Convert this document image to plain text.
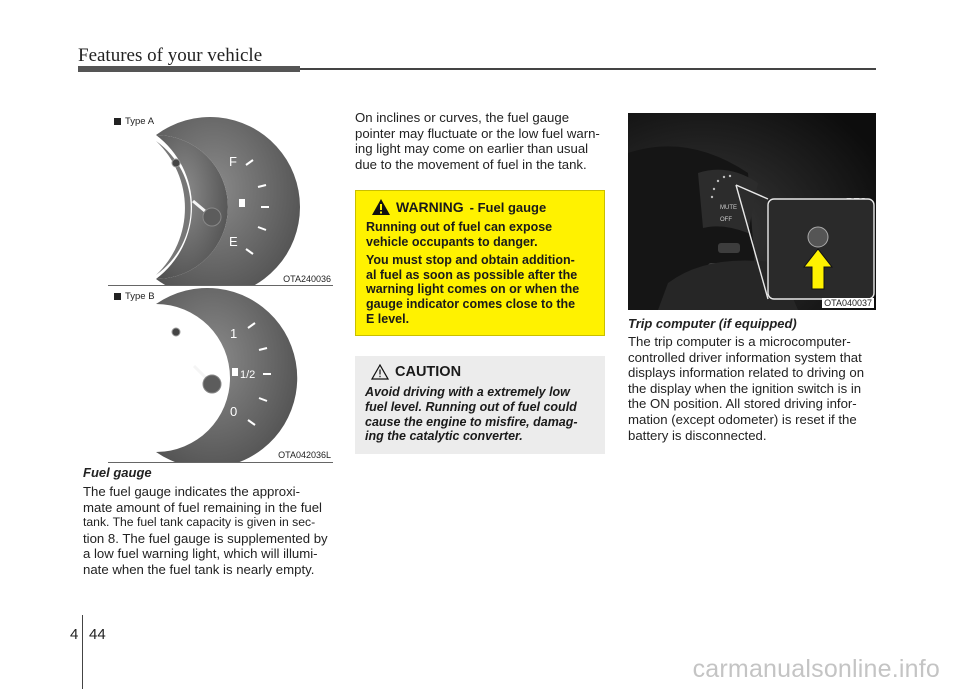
Features of your vehicle
Type A
F
E
OTA240036
Type B
1
1/2
0
OTA042036L
Fuel gauge
The fuel gauge indicates the approxi-
mate amount of fuel remaining in the fuel
tank. The fuel tank capacity is given in sec-
tion 8. The fuel gauge is supplemented by
a low fuel warning light, which will illumi-
nate when the fuel tank is nearly empty.
On inclines or curves, the fuel gauge
pointer may fluctuate or the low fuel warn-
ing light may come on earlier than usual
due to the movement of fuel in the tank.
WARNING - Fuel gauge
Running out of fuel can expose
vehicle occupants to danger.
You must stop and obtain addition-
al fuel as soon as possible after the
warning light comes on or when the
gauge indicator comes close to the
E level.
CAUTION
Avoid driving with a extremely low
fuel level. Running out of fuel could
cause the engine to misfire, damag-
ing the catalytic converter.
MUTE
OFF
OTA040037
Trip computer (if equipped)
The trip computer is a microcomputer-
controlled driver information system that
displays information related to driving on
the display when the ignition switch is in
the ON position. All stored driving infor-
mation (except odometer) is reset if the
battery is disconnected.
4 44
carmanualsonline.info
